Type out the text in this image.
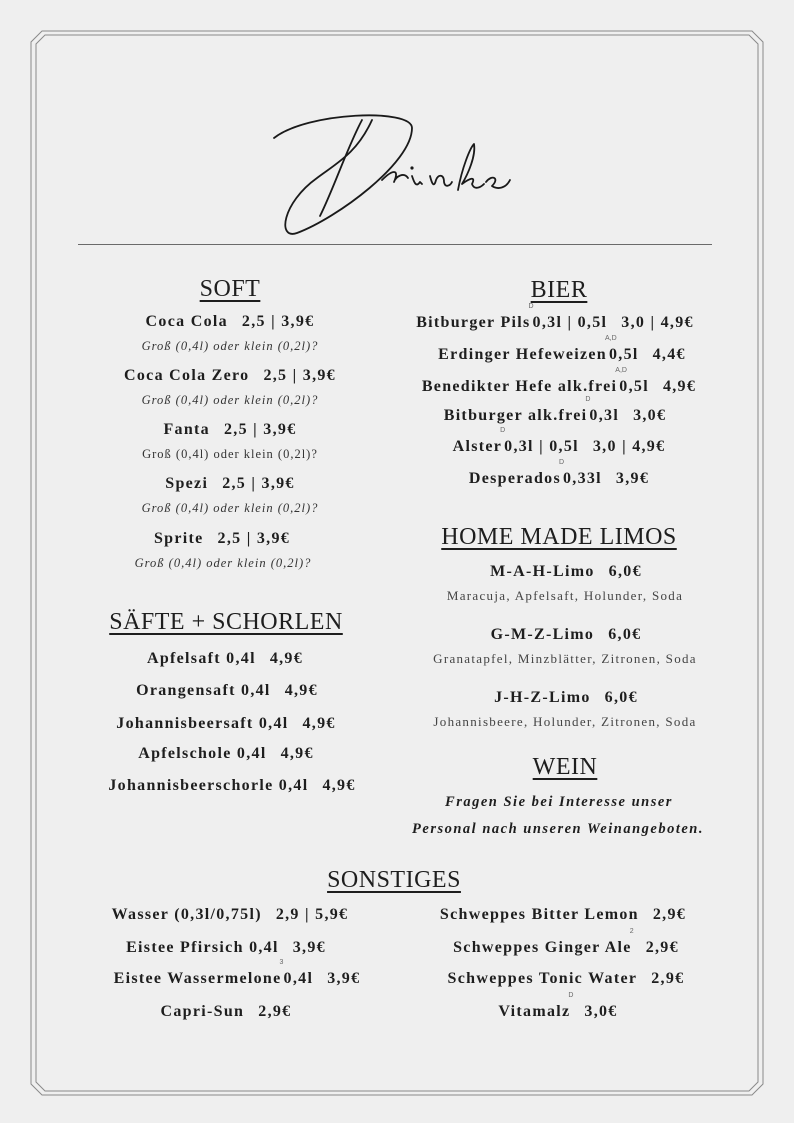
SOFT
Coca Cola 2,5 | 3,9€
Groß (0,4l) oder klein (0,2l)?
Coca Cola Zero 2,5 | 3,9€
Groß (0,4l) oder klein (0,2l)?
Fanta 2,5 | 3,9€
Groß (0,4l) oder klein (0,2l)?
Spezi 2,5 | 3,9€
Groß (0,4l) oder klein (0,2l)?
Sprite 2,5 | 3,9€
Groß (0,4l) oder klein (0,2l)?
SÄFTE + SCHORLEN
Apfelsaft 0,4l 4,9€
Orangensaft 0,4l 4,9€
Johannisbeersaft 0,4l 4,9€
Apfelschole 0,4l 4,9€
Johannisbeerschorle 0,4l 4,9€
BIER
Bitburger Pils
D
0,3l | 0,5l 3,0 | 4,9€
Erdinger Hefeweizen
A,D
0,5l 4,4€
Benedikter Hefe alk.frei
A,D
0,5l 4,9€
Bitburger alk.frei
D
0,3l 3,0€
Alster
D
0,3l | 0,5l 3,0 | 4,9€
Desperados
D
0,33l 3,9€
HOME MADE LIMOS
M-A-H-Limo 6,0€
Maracuja, Apfelsaft, Holunder, Soda
G-M-Z-Limo 6,0€
Granatapfel, Minzblätter, Zitronen, Soda
J-H-Z-Limo 6,0€
Johannisbeere, Holunder, Zitronen, Soda
WEIN
Fragen Sie bei Interesse unser
Personal nach unseren Weinangeboten.
SONSTIGES
Wasser (0,3l/0,75l) 2,9 | 5,9€
Eistee Pfirsich 0,4l 3,9€
Eistee Wassermelone
3
0,4l 3,9€
Capri-Sun 2,9€
Schweppes Bitter Lemon 2,9€
Schweppes Ginger Ale
2
2,9€
Schweppes Tonic Water 2,9€
Vitamalz
D
3,0€
